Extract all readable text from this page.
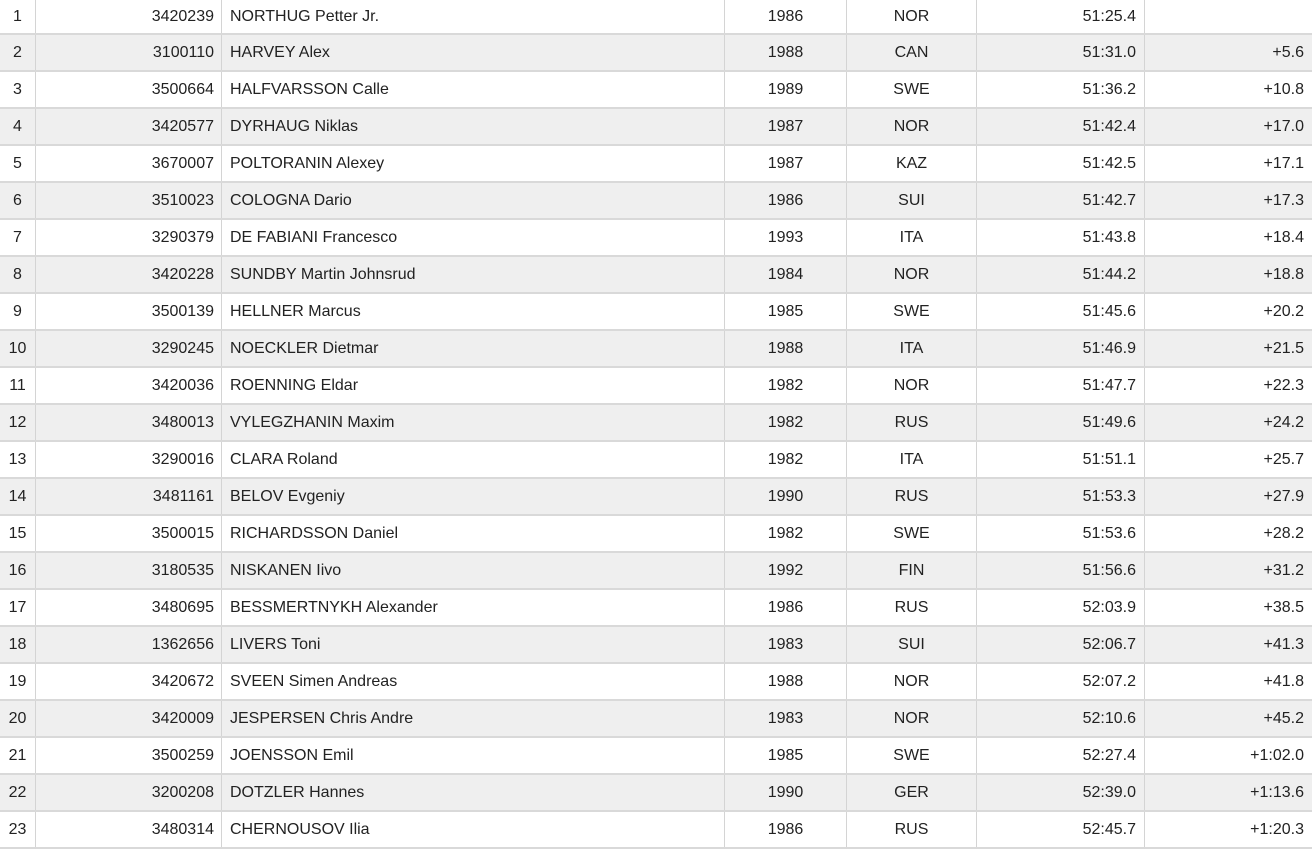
1	3420239	NORTHUG Petter Jr.	1986	NOR	51:25.4	
2	3100110	HARVEY Alex	1988	CAN	51:31.0	+5.6
3	3500664	HALFVARSSON Calle	1989	SWE	51:36.2	+10.8
4	3420577	DYRHAUG Niklas	1987	NOR	51:42.4	+17.0
5	3670007	POLTORANIN Alexey	1987	KAZ	51:42.5	+17.1
6	3510023	COLOGNA Dario	1986	SUI	51:42.7	+17.3
7	3290379	DE FABIANI Francesco	1993	ITA	51:43.8	+18.4
8	3420228	SUNDBY Martin Johnsrud	1984	NOR	51:44.2	+18.8
9	3500139	HELLNER Marcus	1985	SWE	51:45.6	+20.2
10	3290245	NOECKLER Dietmar	1988	ITA	51:46.9	+21.5
11	3420036	ROENNING Eldar	1982	NOR	51:47.7	+22.3
12	3480013	VYLEGZHANIN Maxim	1982	RUS	51:49.6	+24.2
13	3290016	CLARA Roland	1982	ITA	51:51.1	+25.7
14	3481161	BELOV Evgeniy	1990	RUS	51:53.3	+27.9
15	3500015	RICHARDSSON Daniel	1982	SWE	51:53.6	+28.2
16	3180535	NISKANEN Iivo	1992	FIN	51:56.6	+31.2
17	3480695	BESSMERTNYKH Alexander	1986	RUS	52:03.9	+38.5
18	1362656	LIVERS Toni	1983	SUI	52:06.7	+41.3
19	3420672	SVEEN Simen Andreas	1988	NOR	52:07.2	+41.8
20	3420009	JESPERSEN Chris Andre	1983	NOR	52:10.6	+45.2
21	3500259	JOENSSON Emil	1985	SWE	52:27.4	+1:02.0
22	3200208	DOTZLER Hannes	1990	GER	52:39.0	+1:13.6
23	3480314	CHERNOUSOV Ilia	1986	RUS	52:45.7	+1:20.3
